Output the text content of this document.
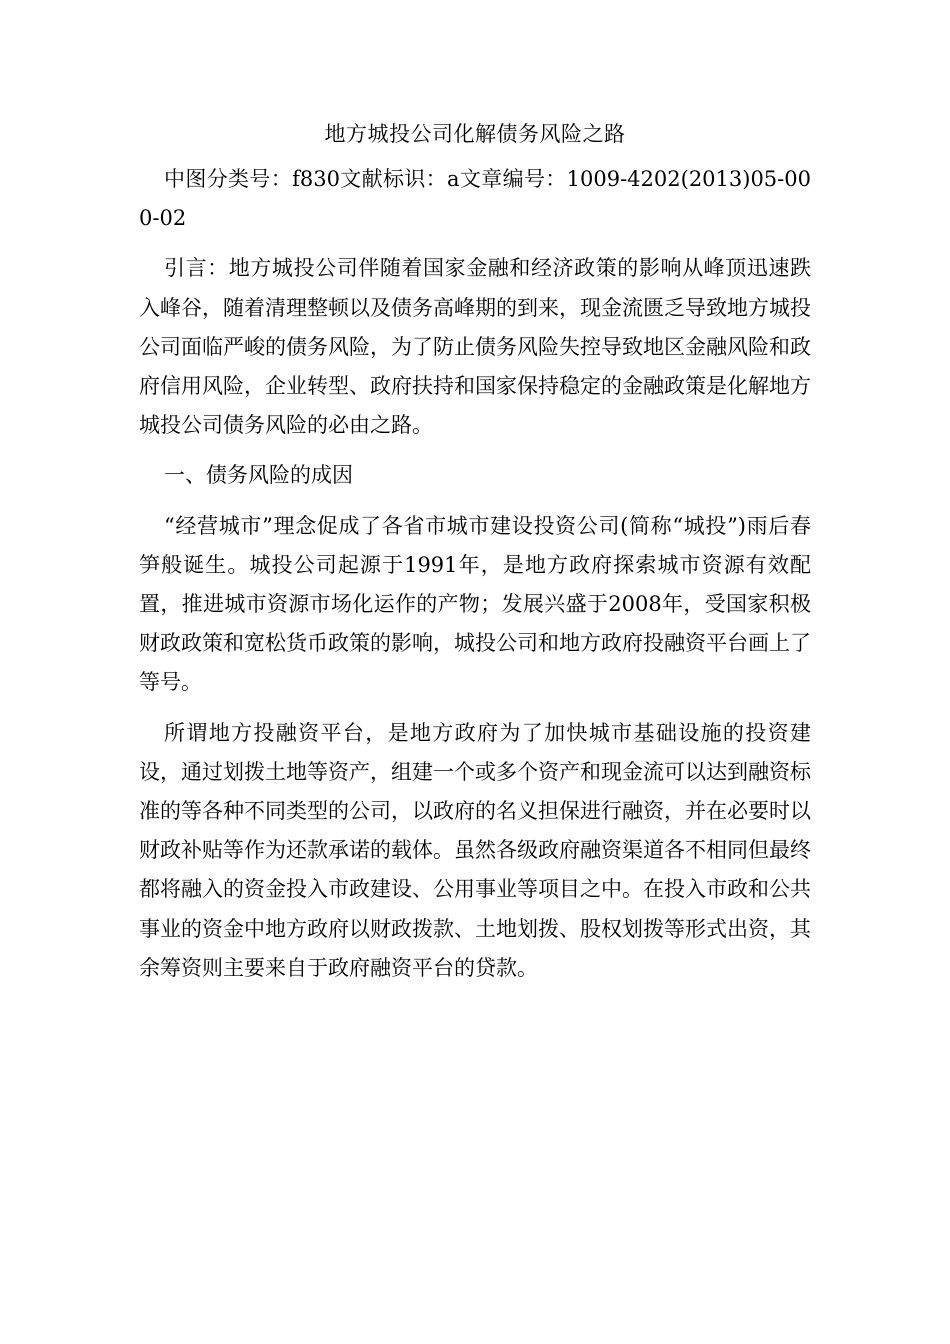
地方城投公司化解债务风险之路

中图分类号：f830文献标识：a文章编号：1009-4202(2013)05-000-02

引言：地方城投公司伴随着国家金融和经济政策的影响从峰顶迅速跌入峰谷，随着清理整顿以及债务高峰期的到来，现金流匮乏导致地方城投公司面临严峻的债务风险，为了防止债务风险失控导致地区金融风险和政府信用风险，企业转型、政府扶持和国家保持稳定的金融政策是化解地方城投公司债务风险的必由之路。

一、债务风险的成因

“经营城市”理念促成了各省市城市建设投资公司(简称“城投”)雨后春笋般诞生。城投公司起源于1991年，是地方政府探索城市资源有效配置，推进城市资源市场化运作的产物；发展兴盛于2008年，受国家积极财政政策和宽松货币政策的影响，城投公司和地方政府投融资平台画上了等号。

所谓地方投融资平台，是地方政府为了加快城市基础设施的投资建设，通过划拨土地等资产，组建一个或多个资产和现金流可以达到融资标准的等各种不同类型的公司，以政府的名义担保进行融资，并在必要时以财政补贴等作为还款承诺的载体。虽然各级政府融资渠道各不相同但最终都将融入的资金投入市政建设、公用事业等项目之中。在投入市政和公共事业的资金中地方政府以财政拨款、土地划拨、股权划拨等形式出资，其余筹资则主要来自于政府融资平台的贷款。
